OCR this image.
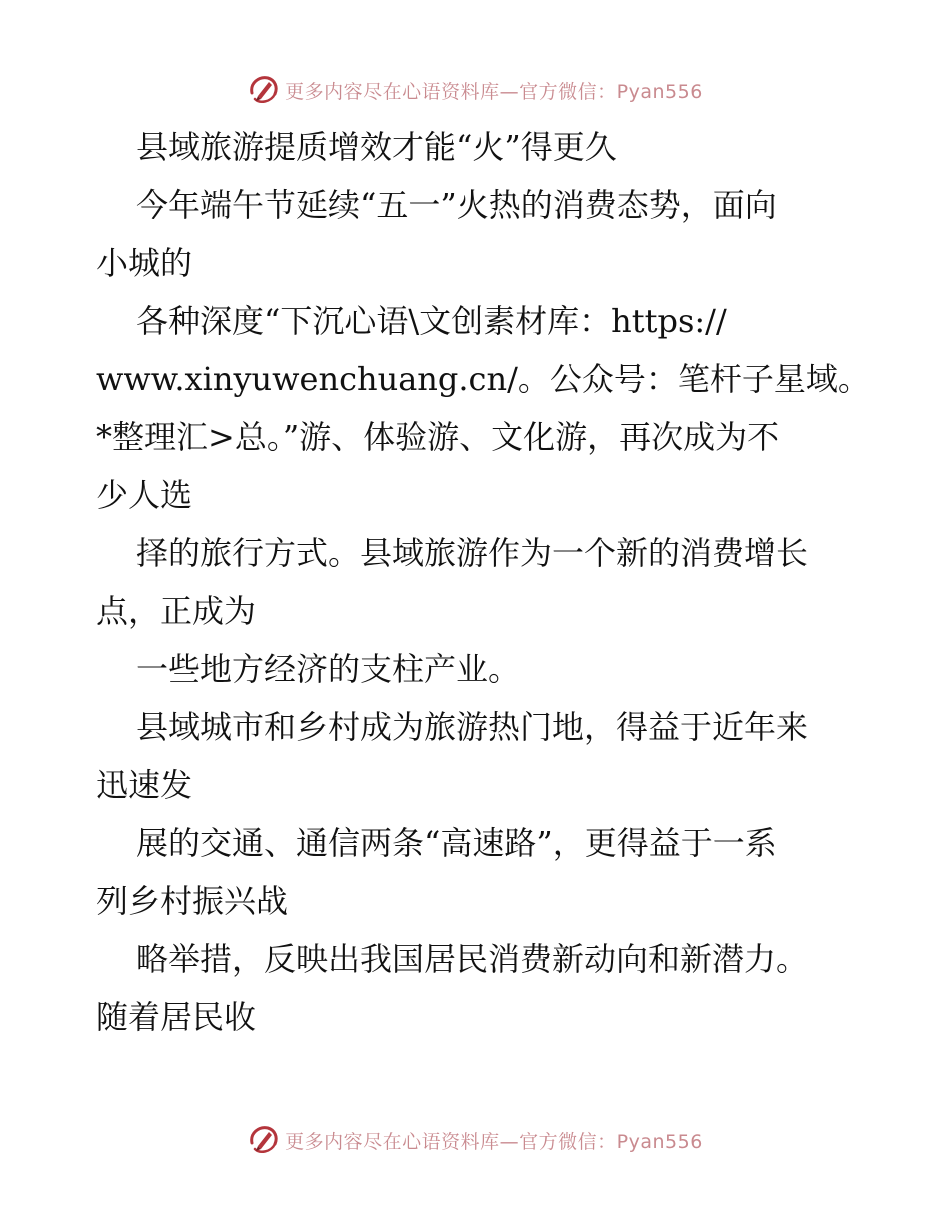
更多内容尽在心语资料库—官方微信：Pyan556
县域旅游提质增效才能“火”得更久
今年端午节延续“五一”火热的消费态势，面向
小城的
各种深度“下沉心语\文创素材库：https://
www.xinyuwenchuang.cn/。公众号：笔杆子星域。
*整理汇>总。”游、体验游、文化游，再次成为不
少人选
择的旅行方式。县域旅游作为一个新的消费增长
点，正成为
一些地方经济的支柱产业。
县域城市和乡村成为旅游热门地，得益于近年来
迅速发
展的交通、通信两条“高速路”，更得益于一系
列乡村振兴战
略举措，反映出我国居民消费新动向和新潜力。
随着居民收
更多内容尽在心语资料库—官方微信：Pyan556
